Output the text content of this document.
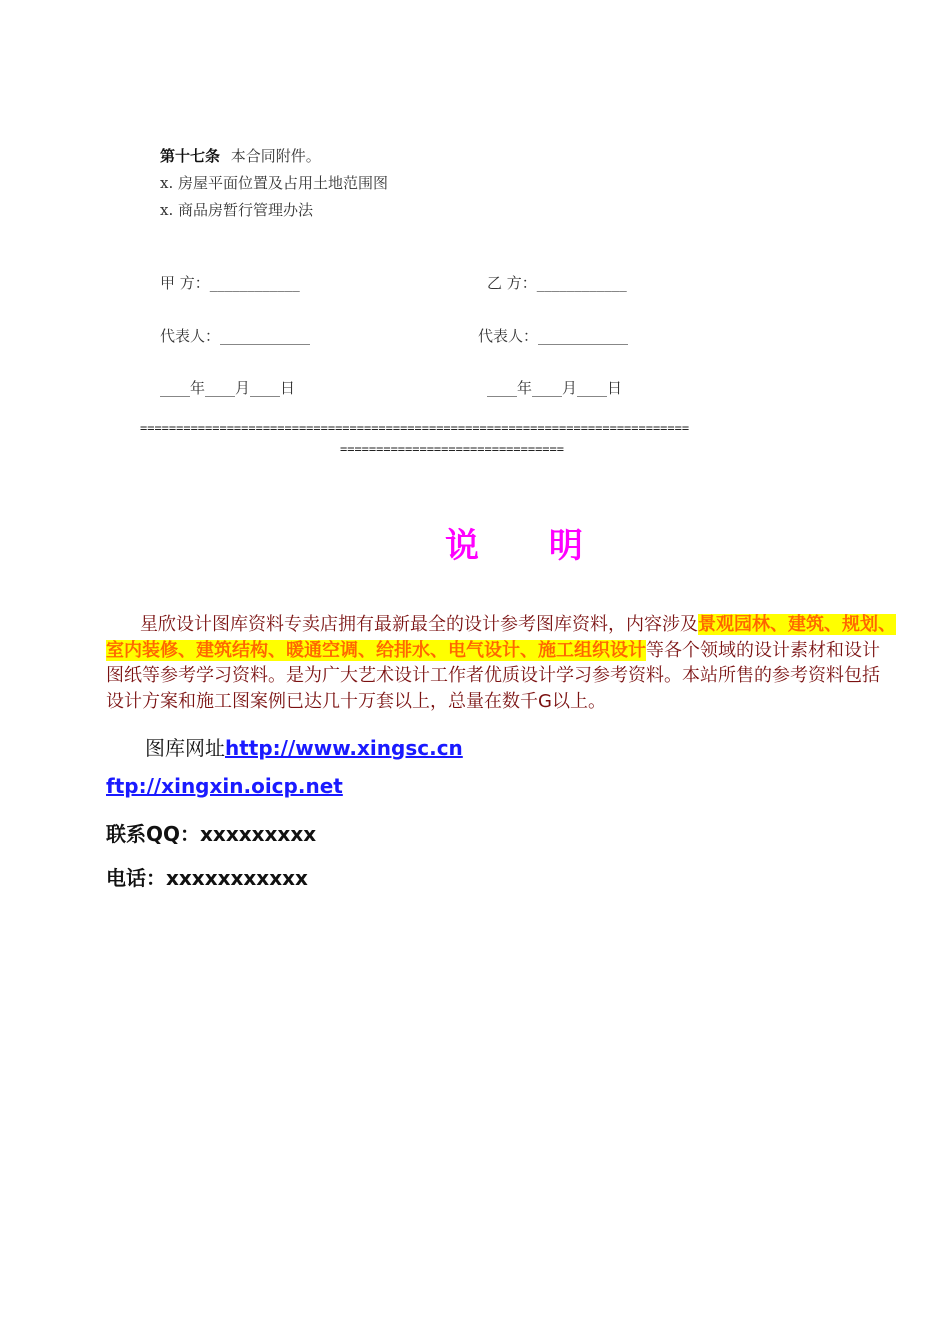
第十七条 本合同附件。
x. 房屋平面位置及占用土地范围图
x. 商品房暂行管理办法
甲 方：____________	乙 方：____________
代表人：____________	代表人：____________
____年____月____日	____年____月____日
============================================================================
===============================
说 明
星欣设计图库资料专卖店拥有最新最全的设计参考图库资料，内容涉及景观园林、建筑、规划、室内装修、建筑结构、暖通空调、给排水、电气设计、施工组织设计等各个领域的设计素材和设计图纸等参考学习资料。是为广大艺术设计工作者优质设计学习参考资料。本站所售的参考资料包括设计方案和施工图案例已达几十万套以上，总量在数千G以上。
图库网址http://www.xingsc.cn
ftp://xingxin.oicp.net
联系QQ：xxxxxxxxx
电话：xxxxxxxxxxx
